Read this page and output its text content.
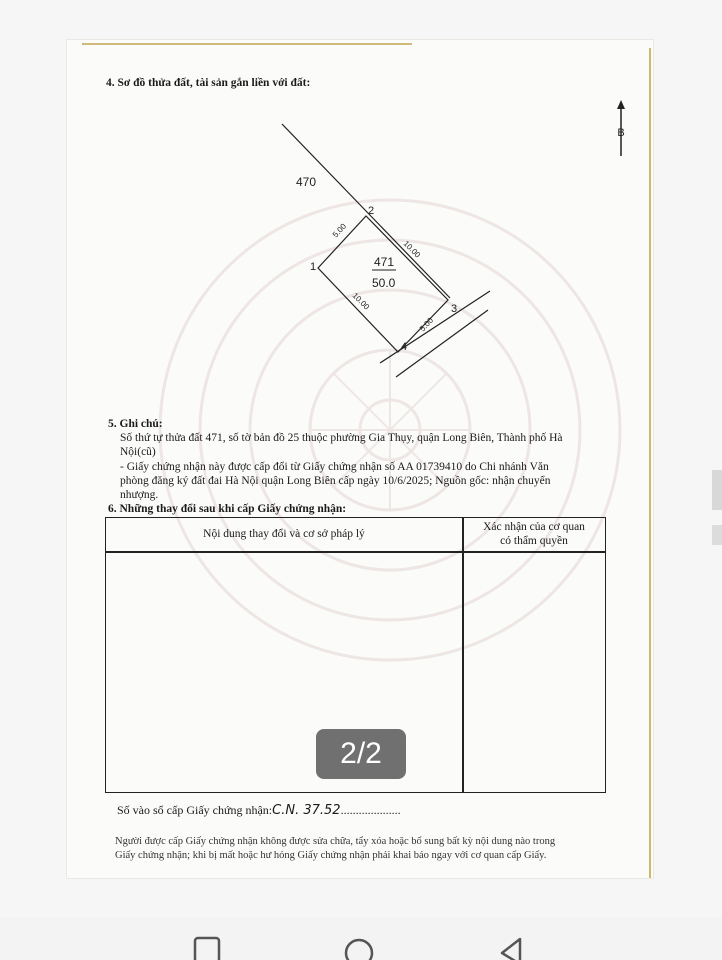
4. Sơ đồ thửa đất, tài sản gắn liền với đất:
B
470
471
50.0
1
2
3
4
5.00
10.00
10.00
5.00
5. Ghi chú:
Số thứ tự thửa đất 471, số tờ bản đồ 25 thuộc phường Gia Thụy, quận Long Biên, Thành phố Hà
Nội(cũ)
- Giấy chứng nhận này được cấp đổi từ Giấy chứng nhận số AA 01739410 do Chi nhánh Văn
phòng đăng ký đất đai Hà Nội quận Long Biên cấp ngày 10/6/2025; Nguồn gốc: nhận chuyển
nhượng.
6. Những thay đổi sau khi cấp Giấy chứng nhận:
Nội dung thay đổi và cơ sở pháp lý
Xác nhận của cơ quan
có thẩm quyền
2/2
Số vào sổ cấp Giấy chứng nhận:C.N. 37.52....................
Người được cấp Giấy chứng nhận không được sửa chữa, tẩy xóa hoặc bổ sung bất kỳ nội dung nào trong
Giấy chứng nhận; khi bị mất hoặc hư hỏng Giấy chứng nhận phải khai báo ngay với cơ quan cấp Giấy.
